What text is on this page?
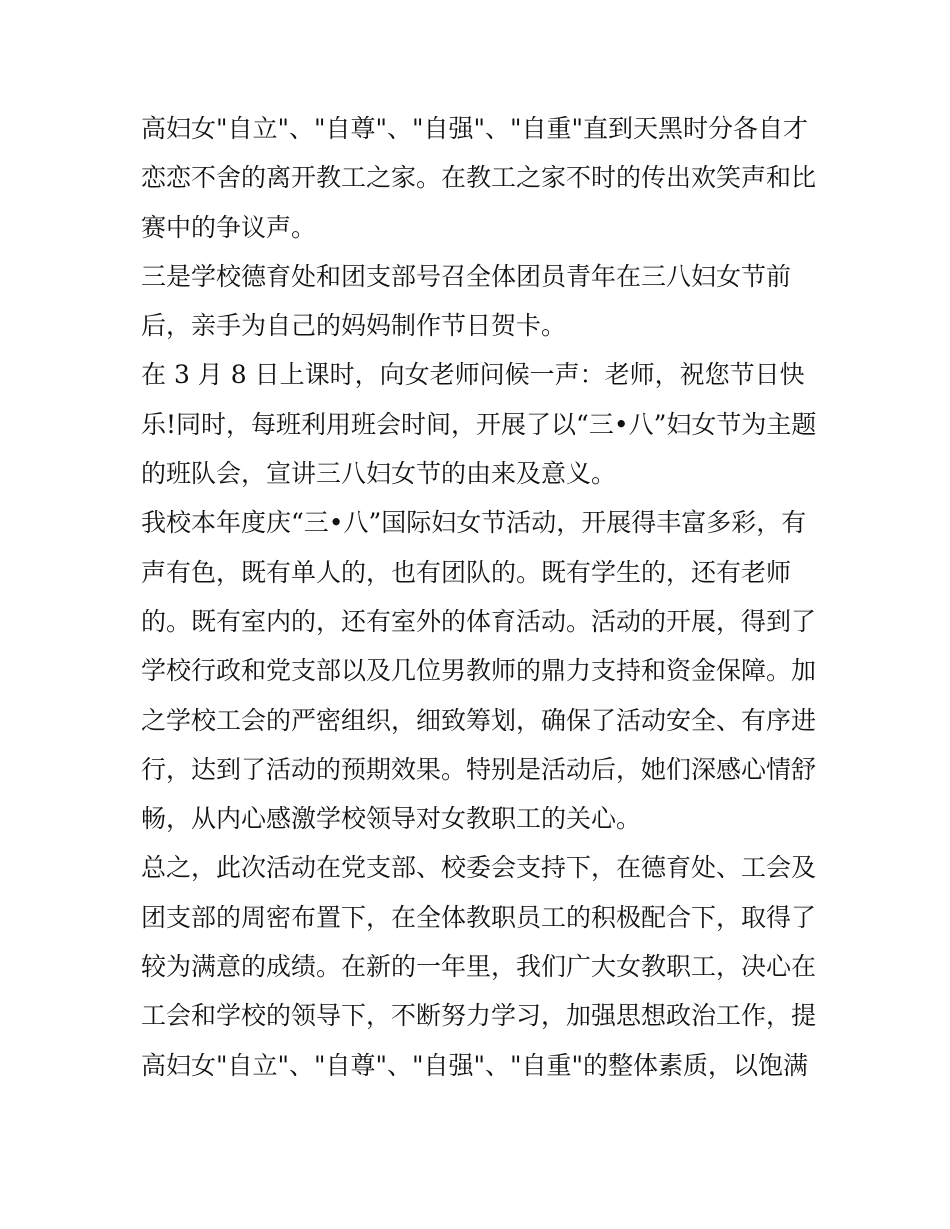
高妇女"自立"、"自尊"、"自强"、"自重"直到天黑时分各自才
恋恋不舍的离开教工之家。在教工之家不时的传出欢笑声和比
赛中的争议声。
三是学校德育处和团支部号召全体团员青年在三八妇女节前
后，亲手为自己的妈妈制作节日贺卡。
在 3 月 8 日上课时，向女老师问候一声：老师，祝您节日快
乐!同时，每班利用班会时间，开展了以“三•八”妇女节为主题
的班队会，宣讲三八妇女节的由来及意义。
我校本年度庆“三•八”国际妇女节活动，开展得丰富多彩，有
声有色，既有单人的，也有团队的。既有学生的，还有老师
的。既有室内的，还有室外的体育活动。活动的开展，得到了
学校行政和党支部以及几位男教师的鼎力支持和资金保障。加
之学校工会的严密组织，细致筹划，确保了活动安全、有序进
行，达到了活动的预期效果。特别是活动后，她们深感心情舒
畅，从内心感激学校领导对女教职工的关心。
总之，此次活动在党支部、校委会支持下，在德育处、工会及
团支部的周密布置下，在全体教职员工的积极配合下，取得了
较为满意的成绩。在新的一年里，我们广大女教职工，决心在
工会和学校的领导下，不断努力学习，加强思想政治工作，提
高妇女"自立"、"自尊"、"自强"、"自重"的整体素质，以饱满
